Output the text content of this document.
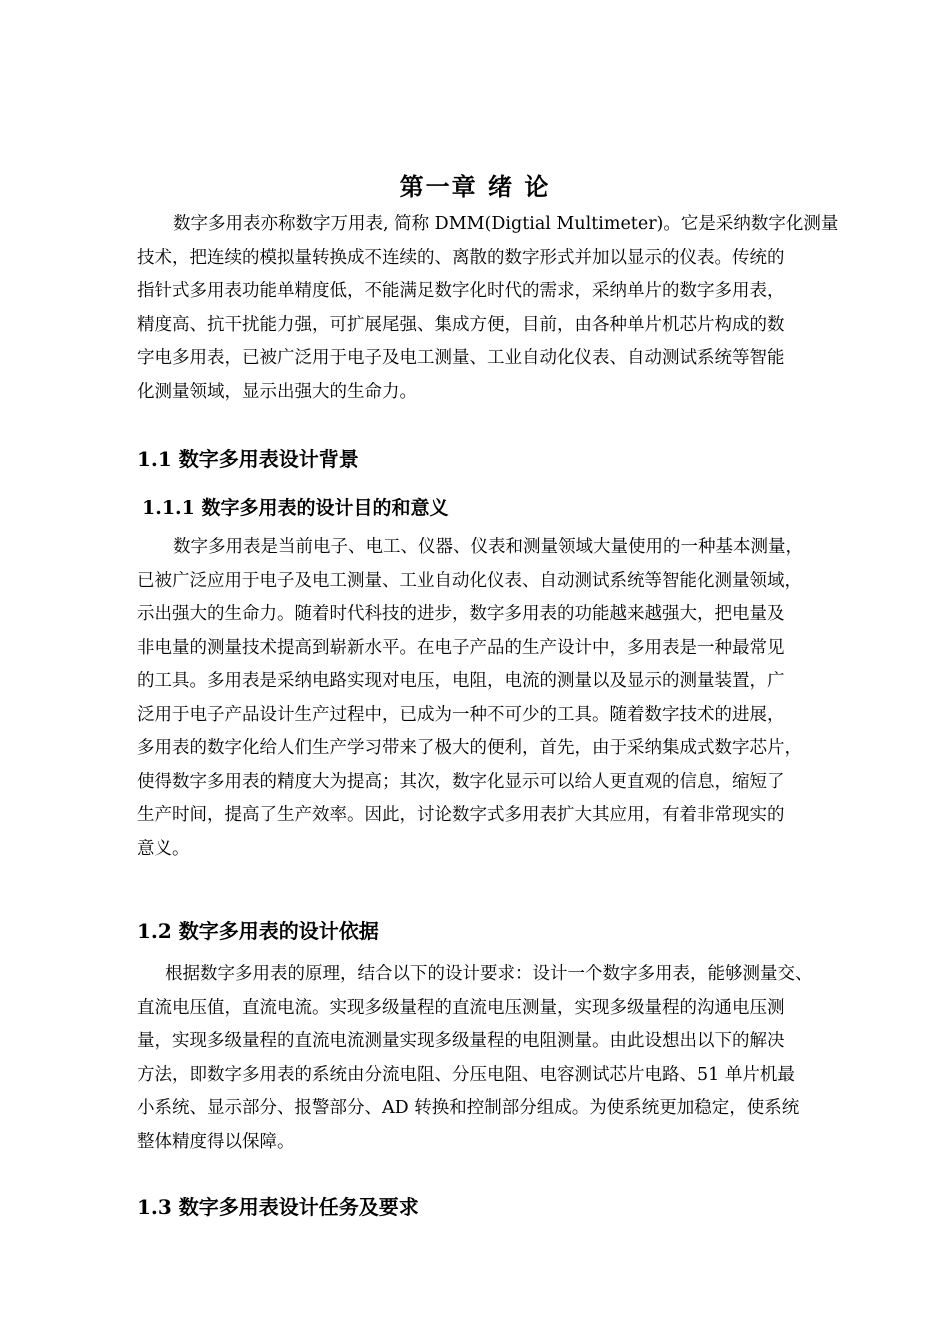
第一章 绪 论

数字多用表亦称数字万用表, 简称 DMM(Digtial Multimeter)。它是采纳数字化测量
技术，把连续的模拟量转换成不连续的、离散的数字形式并加以显示的仪表。传统的
指针式多用表功能单精度低，不能满足数字化时代的需求，采纳单片的数字多用表，
精度高、抗干扰能力强，可扩展尾强、集成方便，目前，由各种单片机芯片构成的数
字电多用表，已被广泛用于电子及电工测量、工业自动化仪表、自动测试系统等智能
化测量领域，显示出强大的生命力。

1.1 数字多用表设计背景
1.1.1 数字多用表的设计目的和意义

数字多用表是当前电子、电工、仪器、仪表和测量领域大量使用的一种基本测量，
已被广泛应用于电子及电工测量、工业自动化仪表、自动测试系统等智能化测量领域，
示出强大的生命力。随着时代科技的进步，数字多用表的功能越来越强大，把电量及
非电量的测量技术提高到崭新水平。在电子产品的生产设计中，多用表是一种最常见
的工具。多用表是采纳电路实现对电压，电阻，电流的测量以及显示的测量装置，广
泛用于电子产品设计生产过程中，已成为一种不可少的工具。随着数字技术的进展，
多用表的数字化给人们生产学习带来了极大的便利，首先，由于采纳集成式数字芯片，
使得数字多用表的精度大为提高；其次，数字化显示可以给人更直观的信息，缩短了
生产时间，提高了生产效率。因此，讨论数字式多用表扩大其应用，有着非常现实的
意义。

1.2 数字多用表的设计依据

根据数字多用表的原理，结合以下的设计要求：设计一个数字多用表，能够测量交、
直流电压值，直流电流。实现多级量程的直流电压测量，实现多级量程的沟通电压测
量，实现多级量程的直流电流测量实现多级量程的电阻测量。由此设想出以下的解决
方法，即数字多用表的系统由分流电阻、分压电阻、电容测试芯片电路、51 单片机最
小系统、显示部分、报警部分、AD 转换和控制部分组成。为使系统更加稳定，使系统
整体精度得以保障。

1.3 数字多用表设计任务及要求
